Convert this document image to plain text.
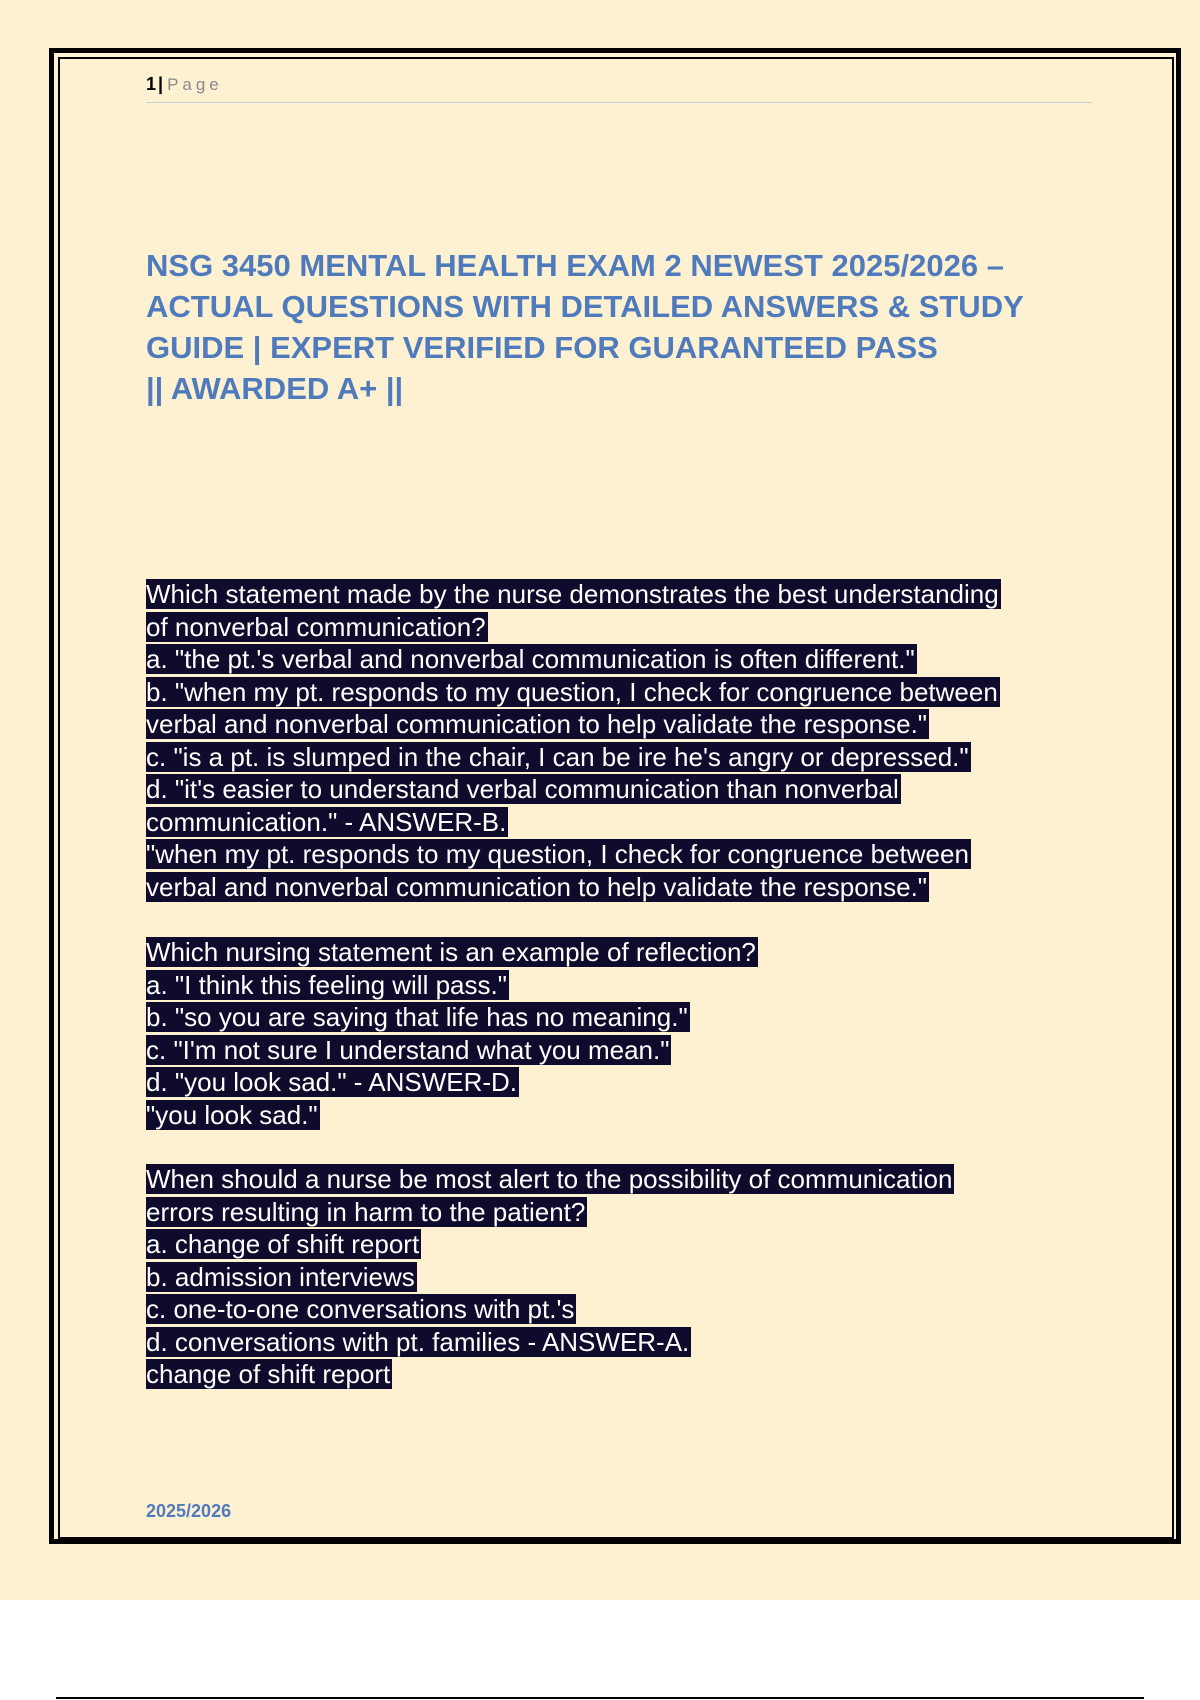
1 | Page
NSG 3450 MENTAL HEALTH EXAM 2 NEWEST 2025/2026 –
ACTUAL QUESTIONS WITH DETAILED ANSWERS & STUDY
GUIDE | EXPERT VERIFIED FOR GUARANTEED PASS
|| AWARDED A+ ||
Which statement made by the nurse demonstrates the best understanding
of nonverbal communication?
a. "the pt.'s verbal and nonverbal communication is often different."
b. "when my pt. responds to my question, I check for congruence between
verbal and nonverbal communication to help validate the response."
c. "is a pt. is slumped in the chair, I can be ire he's angry or depressed."
d. "it's easier to understand verbal communication than nonverbal
communication." - ANSWER-B.
"when my pt. responds to my question, I check for congruence between
verbal and nonverbal communication to help validate the response."
Which nursing statement is an example of reflection?
a. "I think this feeling will pass."
b. "so you are saying that life has no meaning."
c. "I'm not sure I understand what you mean."
d. "you look sad." - ANSWER-D.
"you look sad."
When should a nurse be most alert to the possibility of communication
errors resulting in harm to the patient?
a. change of shift report
b. admission interviews
c. one-to-one conversations with pt.'s
d. conversations with pt. families - ANSWER-A.
change of shift report
2025/2026
